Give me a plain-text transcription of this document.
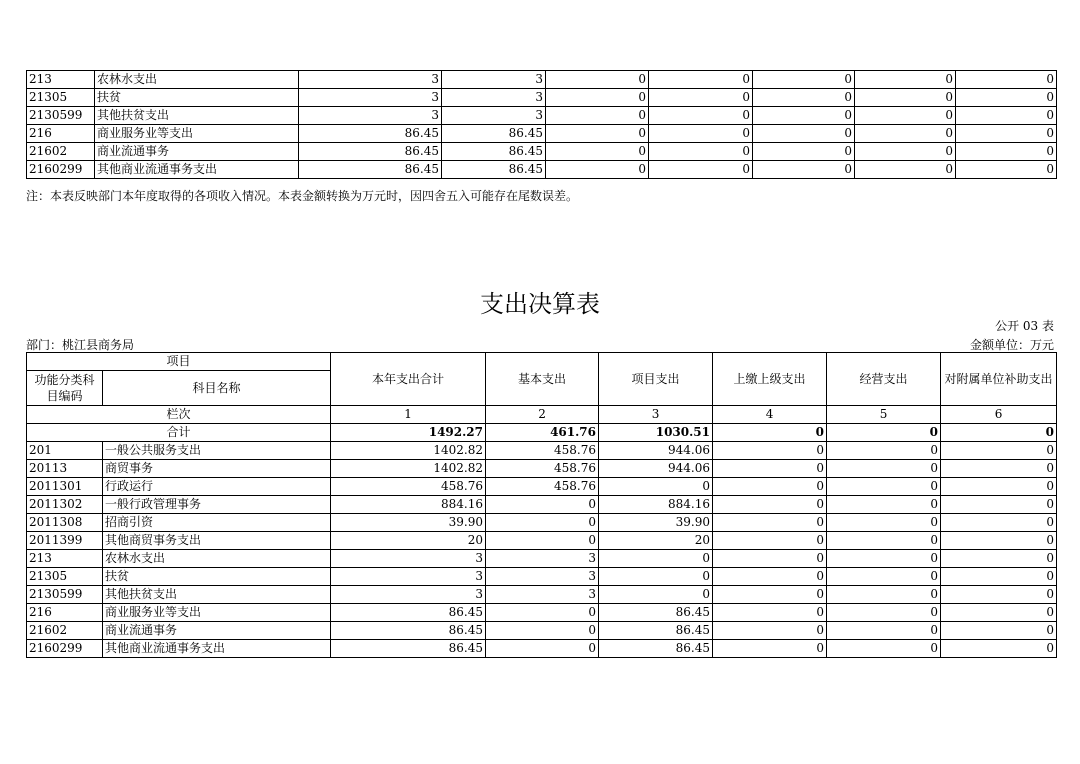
213	农林水支出	3	3	0	0	0	0	0
21305	扶贫	3	3	0	0	0	0	0
2130599	其他扶贫支出	3	3	0	0	0	0	0
216	商业服务业等支出	86.45	86.45	0	0	0	0	0
21602	商业流通事务	86.45	86.45	0	0	0	0	0
2160299	其他商业流通事务支出	86.45	86.45	0	0	0	0	0
注：本表反映部门本年度取得的各项收入情况。本表金额转换为万元时，因四舍五入可能存在尾数误差。
支出决算表
公开 03 表
部门：桃江县商务局	金额单位：万元
项目		本年支出合计	基本支出	项目支出	上缴上级支出	经营支出	对附属单位补助支出
功能分类科目编码	科目名称						
栏次		1	2	3	4	5	6
合计		1492.27	461.76	1030.51	0	0	0
201	一般公共服务支出	1402.82	458.76	944.06	0	0	0
20113	商贸事务	1402.82	458.76	944.06	0	0	0
2011301	行政运行	458.76	458.76	0	0	0	0
2011302	一般行政管理事务	884.16	0	884.16	0	0	0
2011308	招商引资	39.90	0	39.90	0	0	0
2011399	其他商贸事务支出	20	0	20	0	0	0
213	农林水支出	3	3	0	0	0	0
21305	扶贫	3	3	0	0	0	0
2130599	其他扶贫支出	3	3	0	0	0	0
216	商业服务业等支出	86.45	0	86.45	0	0	0
21602	商业流通事务	86.45	0	86.45	0	0	0
2160299	其他商业流通事务支出	86.45	0	86.45	0	0	0
